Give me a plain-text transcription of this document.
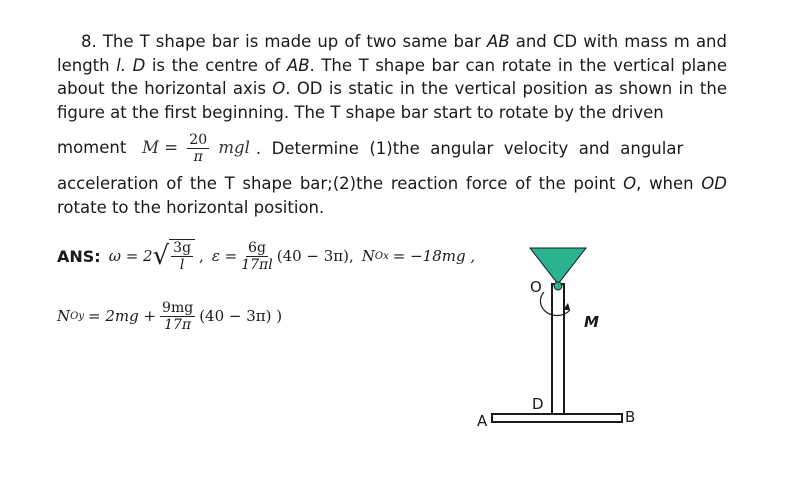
8. The T shape bar is made up of two same bar AB and CD with mass m and length l. D is the centre of AB. The T shape bar can rotate in the vertical plane about the horizontal axis O. OD is static in the vertical position as shown in the figure at the first beginning. The T shape bar start to rotate by the driven
moment $M = \frac{20}{\pi}$ mgl .  Determine  (1)the  angular  velocity  and  angular
acceleration of the T shape bar;(2)the reaction force of the point O, when OD rotate to the horizontal position.
ANS: ω = 2 √ $\frac{3g}{l}$ , $\varepsilon = \frac{6g}{17\pi l} (40 - 3\pi)$, N Ox = −18mg ,
N $Oy = 2mg + \frac{9mg}{17\pi} (40 - 3\pi)$ )
O
M
D
A	B
